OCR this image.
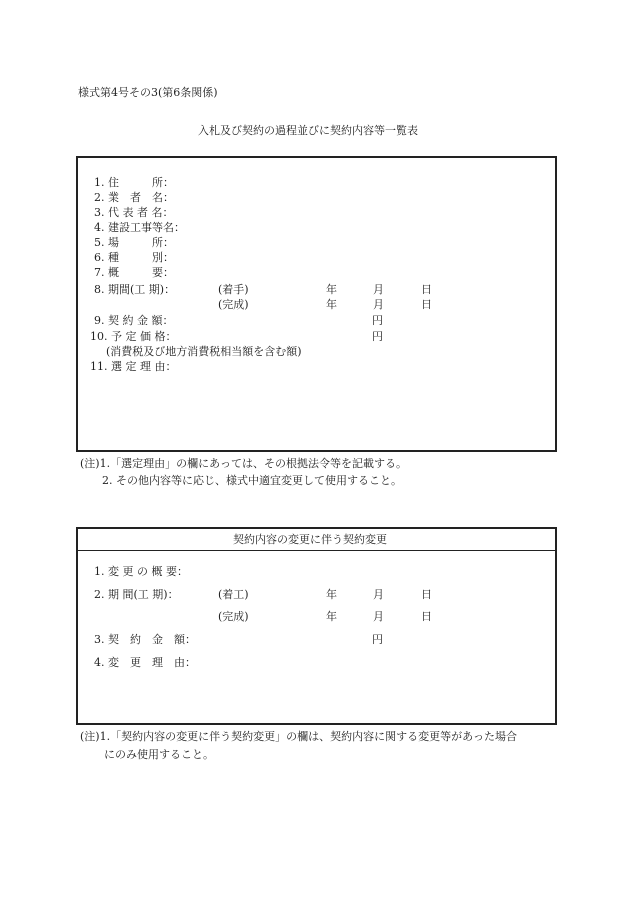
様式第4号その3(第6条関係)
入札及び契約の過程並びに契約内容等一覧表
1. 住　　　所：
2. 業　者　名：
3. 代 表 者 名：
4. 建設工事等名：
5. 場　　　所：
6. 種　　　別：
7. 概　　　要：
8. 期間(工 期)：	(着手)	年	月	日
(完成)	年	月	日
9. 契 約 金 額：	円
10. 予 定 価 格：	円
(消費税及び地方消費税相当額を含む額)
11. 選 定 理 由：
(注)1.「選定理由」の欄にあっては、その根拠法令等を記載する。
2. その他内容等に応じ、様式中適宜変更して使用すること。
契約内容の変更に伴う契約変更
1. 変 更 の 概 要：
2. 期 間(工 期)：	(着工)	年	月	日
(完成)	年	月	日
3. 契　約　金　額：	円
4. 変　更　理　由：
(注)1.「契約内容の変更に伴う契約変更」の欄は、契約内容に関する変更等があった場合
にのみ使用すること。
